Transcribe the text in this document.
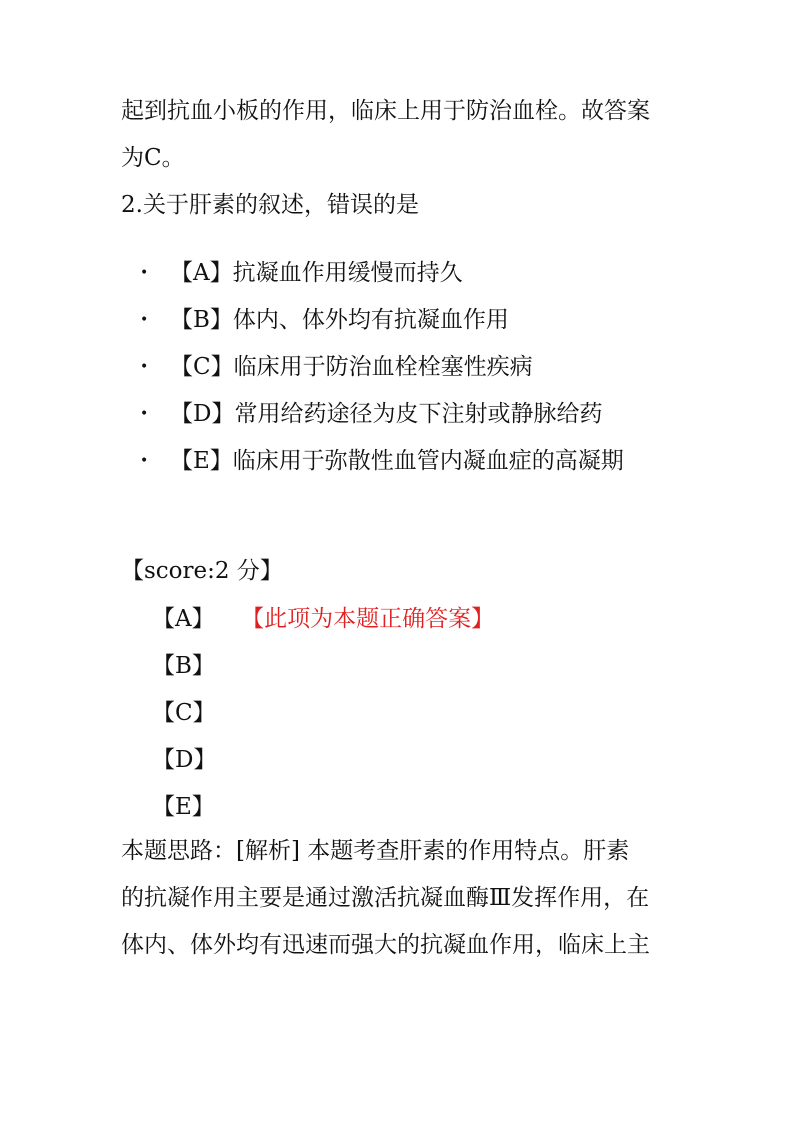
起到抗血小板的作用，临床上用于防治血栓。故答案
为C。
2.关于肝素的叙述，错误的是
• 【A】抗凝血作用缓慢而持久
• 【B】体内、体外均有抗凝血作用
• 【C】临床用于防治血栓栓塞性疾病
• 【D】常用给药途径为皮下注射或静脉给药
• 【E】临床用于弥散性血管内凝血症的高凝期
【score:2 分】
【A】 【此项为本题正确答案】
【B】
【C】
【D】
【E】
本题思路：[解析] 本题考查肝素的作用特点。肝素
的抗凝作用主要是通过激活抗凝血酶Ⅲ发挥作用，在
体内、体外均有迅速而强大的抗凝血作用，临床上主
